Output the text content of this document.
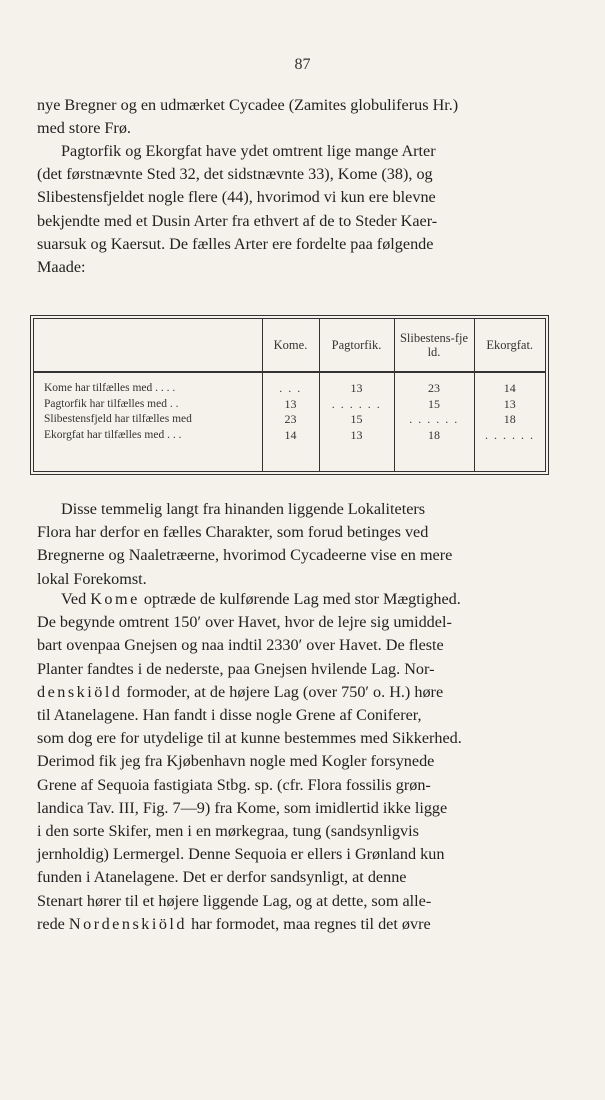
87

nye Bregner og en udmærket Cycadee (Zamites globuliferus Hr.)
med store Frø.

Pagtorfik og Ekorgfat have ydet omtrent lige mange Arter
(det førstnævnte Sted 32, det sidstnævnte 33), Kome (38), og
Slibestensfjeldet nogle flere (44), hvorimod vi kun ere blevne
bekjendte med et Dusin Arter fra ethvert af de to Steder Kaer-
suarsuk og Kaersut. De fælles Arter ere fordelte paa følgende
Maade:

	Kome.	Pagtorfik.	Slibestens-fjeld.	Ekorgfat.
Kome har tilfælles med . . . .	. . .	13	23	14
Pagtorfik har tilfælles med . .	13	. . . . . .	15	13
Slibestensfjeld har tilfælles med	23	15	. . . . . .	18
Ekorgfat har tilfælles med . . .	14	13	18	. . . . . .

Disse temmelig langt fra hinanden liggende Lokaliteters
Flora har derfor en fælles Charakter, som forud betinges ved
Bregnerne og Naaletræerne, hvorimod Cycadeerne vise en mere
lokal Forekomst.

Ved Kome optræde de kulførende Lag med stor Mægtighed.
De begynde omtrent 150′ over Havet, hvor de lejre sig umiddel-
bart ovenpaa Gnejsen og naa indtil 2330′ over Havet. De fleste
Planter fandtes i de nederste, paa Gnejsen hvilende Lag. Nor-
denskiöld formoder, at de højere Lag (over 750′ o. H.) høre
til Atanelagene. Han fandt i disse nogle Grene af Coniferer,
som dog ere for utydelige til at kunne bestemmes med Sikkerhed.
Derimod fik jeg fra Kjøbenhavn nogle med Kogler forsynede
Grene af Sequoia fastigiata Stbg. sp. (cfr. Flora fossilis grøn-
landica Tav. III, Fig. 7—9) fra Kome, som imidlertid ikke ligge
i den sorte Skifer, men i en mørkegraa, tung (sandsynligvis
jernholdig) Lermergel. Denne Sequoia er ellers i Grønland kun
funden i Atanelagene. Det er derfor sandsynligt, at denne
Stenart hører til et højere liggende Lag, og at dette, som alle-
rede Nordenskiöld har formodet, maa regnes til det øvre
